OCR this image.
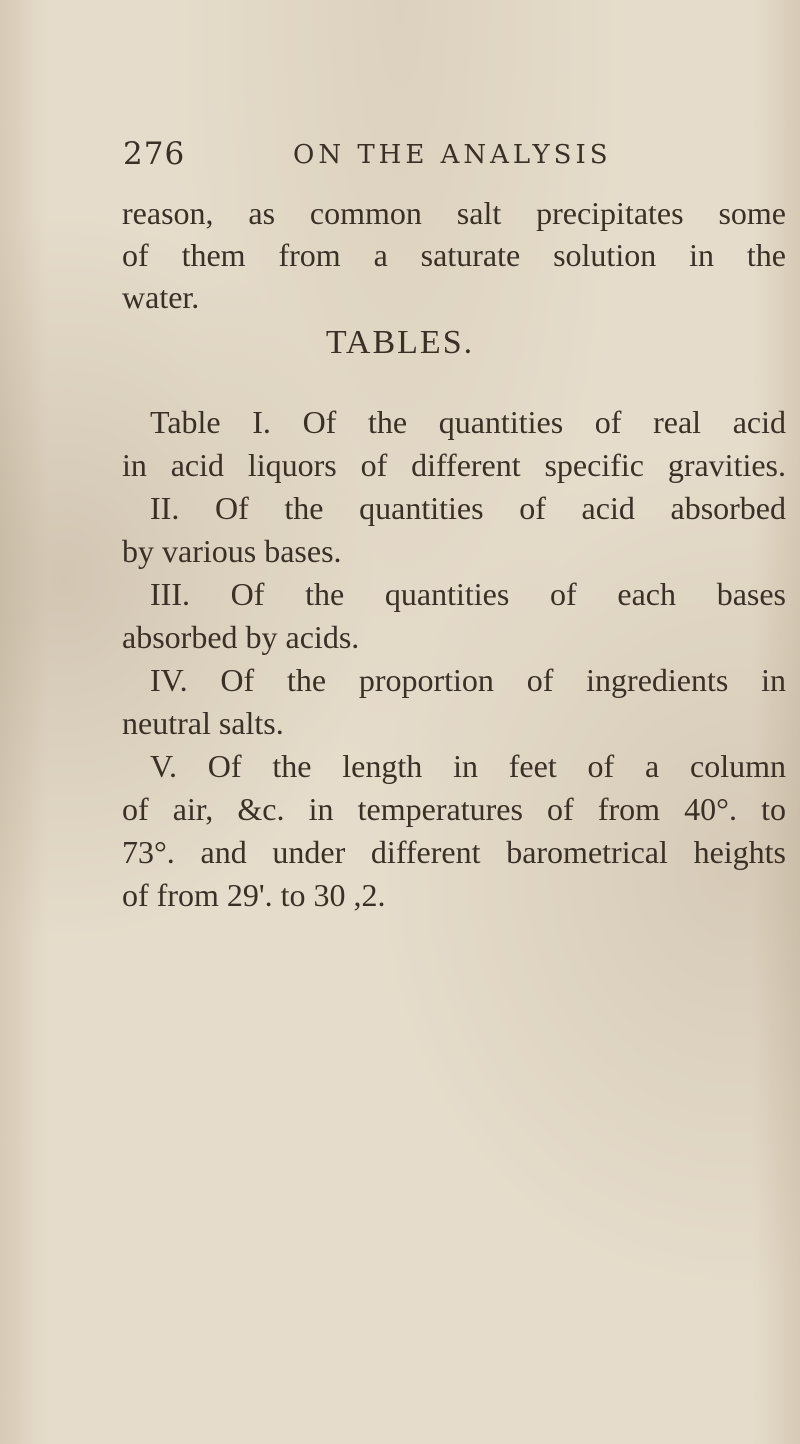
276	ON THE ANALYSIS
reason, as common salt precipitates some
of them from a saturate solution in the
water.
TABLES.
Table I. Of the quantities of real acid
in acid liquors of different specific gravities.
II. Of the quantities of acid absorbed
by various bases.
III. Of the quantities of each bases
absorbed by acids.
IV. Of the proportion of ingredients in
neutral salts.
V. Of the length in feet of a column
of air, &c. in temperatures of from 40°. to
73°. and under different barometrical heights
of from 29'. to 30 ,2.
